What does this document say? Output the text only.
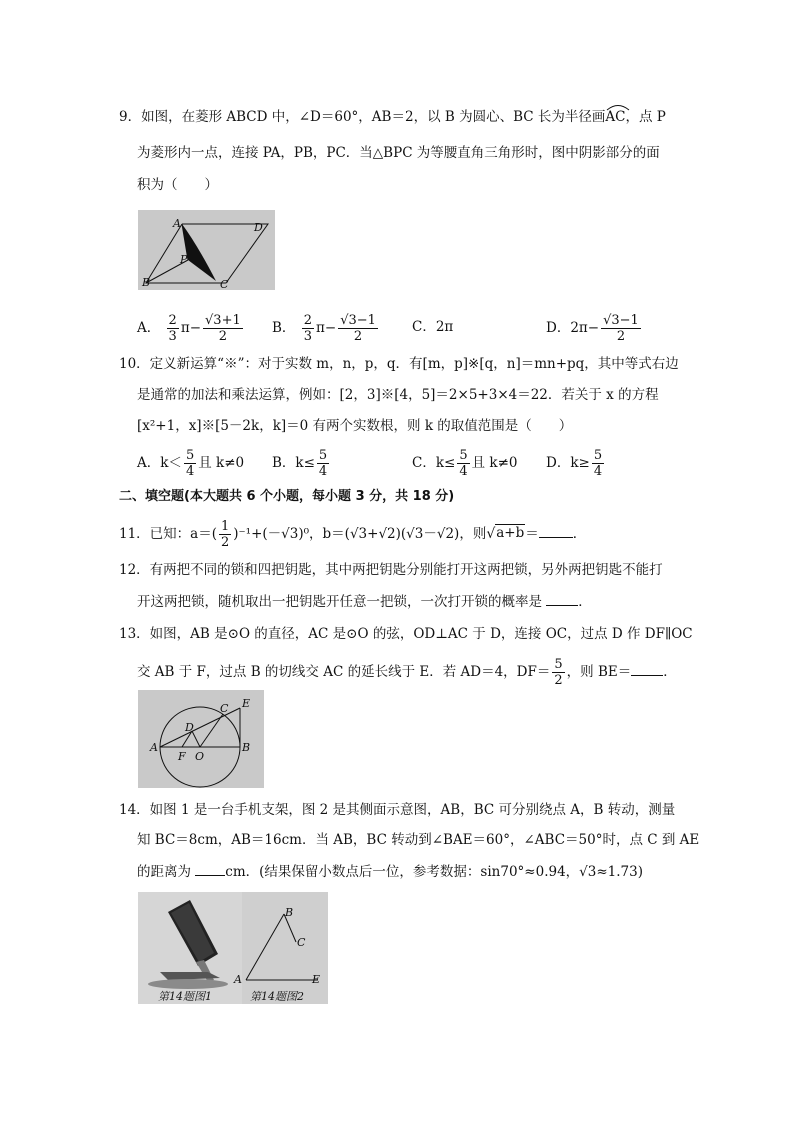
9．如图，在菱形 ABCD 中，∠D＝60°，AB＝2，以 B 为圆心、BC 长为半径画
AC，点 P
为菱形内一点，连接 PA，PB，PC．当△BPC 为等腰直角三角形时，图中阴影部分的面
积为（　　）
A	D
P
B	C
A． $\frac{2}{3} \pi- \frac{√3+1}{2}$ B． $\frac{2}{3} \pi- \frac{√3-1}{2}$	C．2π	D．$2\pi- \frac{√3-1}{2}$
10．定义新运算“※”：对于实数 m，n，p，q．有[m，p]※[q，n]＝mn+pq，其中等式右边
是通常的加法和乘法运算，例如：[2，3]※[4，5]＝2×5+3×4＝22．若关于 x 的方程
[x²+1，x]※[5－2k，k]＝0 有两个实数根，则 k 的取值范围是（　　）
A．$k< \frac{5}{4}$ 且 k≠0 B．$k\le \frac{5}{4}$	C．$k\le \frac{5}{4}$ 且 k≠0 D．$k\ge \frac{5}{4}$
二、填空题(本大题共 6 个小题，每小题 3 分，共 18 分)
11．已知：$a=( \frac{1}{2} )^{-1}+(-√3)^0$，b＝(√3+√2)(√3－√2)，则 √ a+b ＝	．
12．有两把不同的锁和四把钥匙，其中两把钥匙分别能打开这两把锁，另外两把钥匙不能打
开这两把锁，随机取出一把钥匙开任意一把锁，一次打开锁的概率是	．
13．如图，AB 是⊙O 的直径，AC 是⊙O 的弦，OD⊥AC 于 D，连接 OC，过点 D 作 DF∥OC
交 AB 于 F，过点 B 的切线交 AC 的延长线于 E．若 AD＝4，$DF= \frac{5}{2}$ ，则 BE＝ ．
C E
D
A	B
F O
14．如图 1 是一台手机支架，图 2 是其侧面示意图，AB，BC 可分别绕点 A，B 转动，测量
知 BC＝8cm，AB＝16cm．当 AB，BC 转动到∠BAE＝60°，∠ABC＝50°时，点 C 到 AE
的距离为	cm．(结果保留小数点后一位，参考数据：sin70°≈0.94，√3≈1.73)
B
C
A	E
第14题图1	第14题图2
